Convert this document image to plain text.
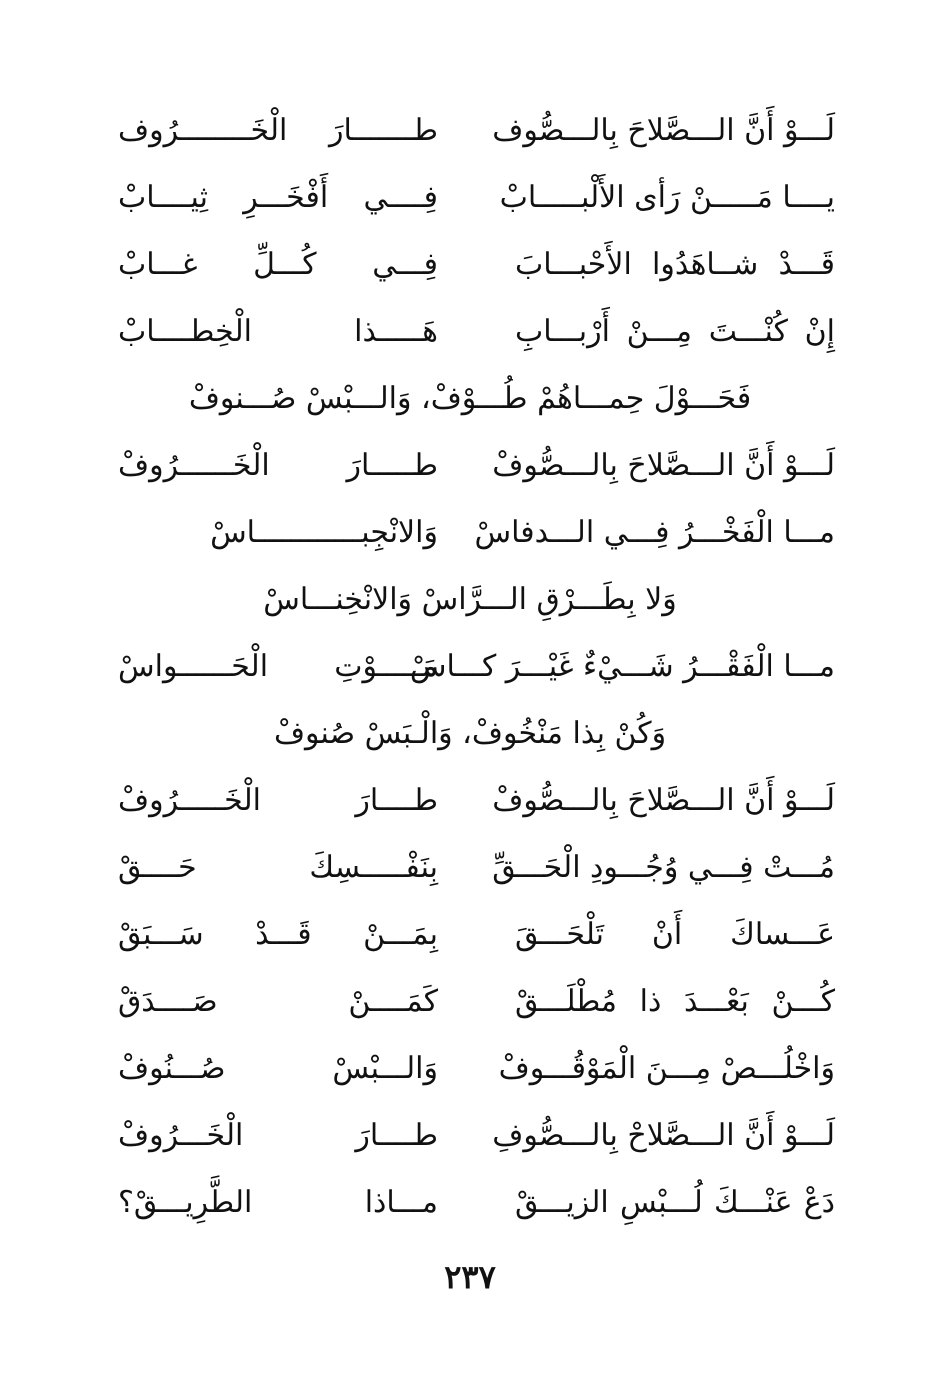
لَـــوْ أَنَّ الـــصَّلاحَ بِالـــصُّوف
طـــــــارَ الْخَــــــــرُوف
يــــا مَـــــنْ رَأى الأَلْبـــــابْ
فِــــي أَفْخَـــرِ ثِيــــابْ
قَـــدْ شــاهَدُوا الأَحْبـــابَ
فِـــي كُـــلِّ غـــابْ
إِنْ كُنْـــتَ مِـــنْ أَرْبـــابِ
هَـــــذا الْخِطــــابْ
فَحَـــوْلَ حِمـــاهُمْ طُـــوْفْ، وَالـــبْسْ صُـــنوفْ
لَـــوْ أَنَّ الـــصَّلاحَ بِالـــصُّوفْ
طـــــارَ الْخَــــــرُوفْ
مـــا الْفَخْـــرُ فِـــي الـــدفاسْ
وَالانْجِبــــــــــــاسْ
وَلا بِطَـــرْقِ الـــرَّاسْ وَالانْخِنـــاسْ
مـــا الْفَقْـــرُ شَـــيْءٌ غَيْـــرَ كـــاسْ
مَـــــوْتِ الْحَــــــواسْ
وَكُنْ بِذا مَنْخُوفْ، وَالْـبَسْ صُنوفْ
لَـــوْ أَنَّ الـــصَّلاحَ بِالـــصُّوفْ
طــــارَ الْخَـــــرُوفْ
مُـــتْ فِـــي وُجُـــودِ الْحَـــقِّ
بِنَفْـــــسِكَ حَــــقْ
عَـــساكَ أَنْ تَلْحَـــقَ
بِمَـــنْ قَـــدْ سَـــبَقْ
كُـــنْ بَعْـــدَ ذا مُطْلَـــقْ
كَمَــــنْ صَــــدَقْ
وَاخْلُـــصْ مِـــنَ الْمَوْقُـــوفْ
وَالـــبْسْ صُـــنُوفْ
لَـــوْ أَنَّ الـــصَّلاحْ بِالـــصُّوفِ
طــــارَ الْخَـــرُوفْ
دَعْ عَنْـــكَ لُـــبْسِ الزيـــقْ
مـــاذا الطَّرِيـــقْ؟
٢٣٧
